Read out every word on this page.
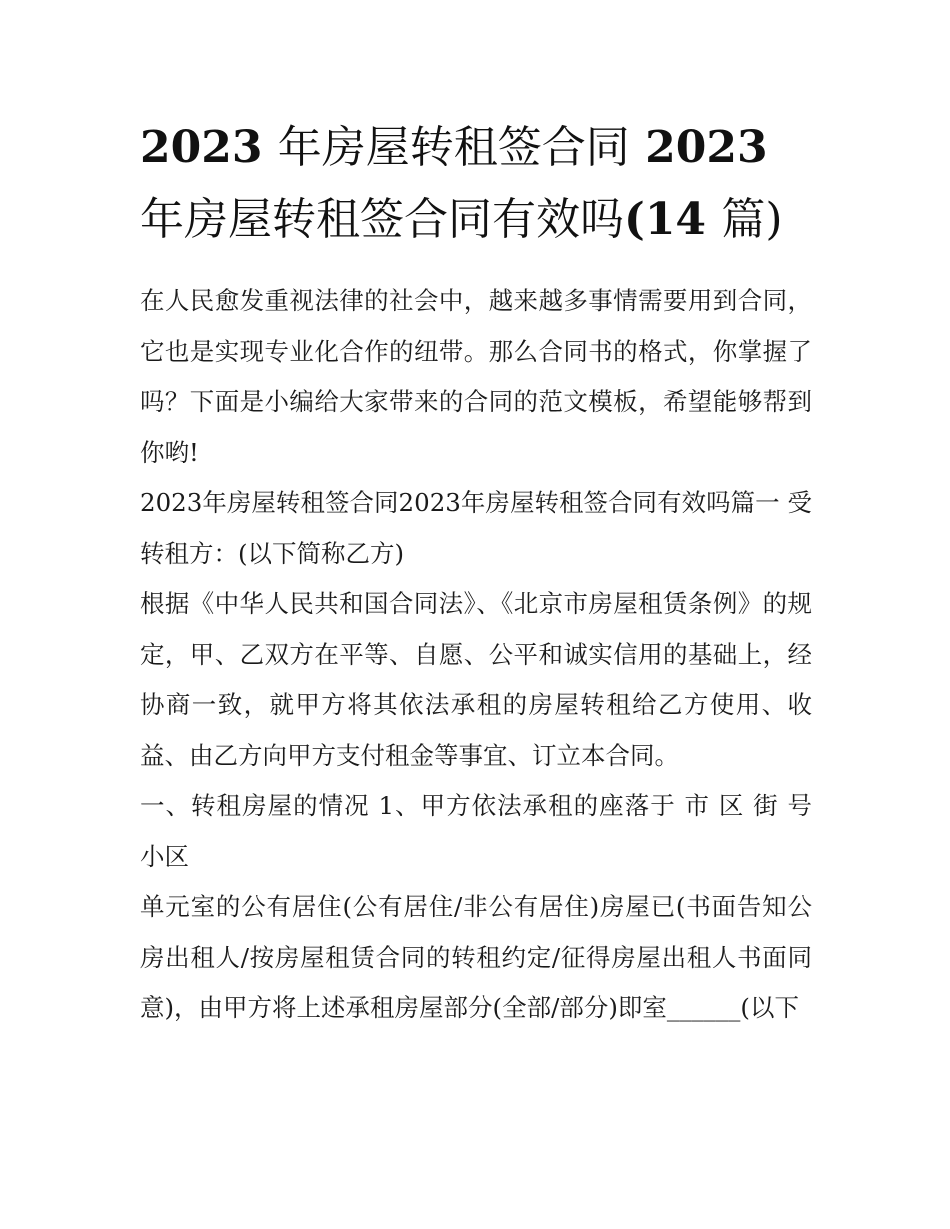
2023 年房屋转租签合同 2023 年房屋转租签合同有效吗(14 篇)

在人民愈发重视法律的社会中，越来越多事情需要用到合同，它也是实现专业化合作的纽带。那么合同书的格式，你掌握了吗？下面是小编给大家带来的合同的范文模板，希望能够帮到你哟!

2023年房屋转租签合同2023年房屋转租签合同有效吗篇一 受转租方：(以下简称乙方)

根据《中华人民共和国合同法》、《北京市房屋租赁条例》的规定，甲、乙双方在平等、自愿、公平和诚实信用的基础上，经协商一致，就甲方将其依法承租的房屋转租给乙方使用、收益、由乙方向甲方支付租金等事宜、订立本合同。

一、转租房屋的情况 1、甲方依法承租的座落于 市 区 街 号 小区

单元室的公有居住(公有居住/非公有居住)房屋已(书面告知公房出租人/按房屋租赁合同的转租约定/征得房屋出租人书面同意)，由甲方将上述承租房屋部分(全部/部分)即室______(以下
